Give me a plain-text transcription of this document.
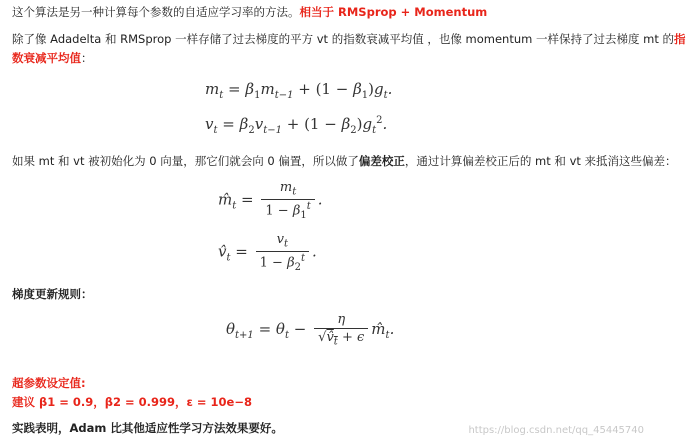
这个算法是另一种计算每个参数的自适应学习率的方法。相当于 RMSprop + Momentum
除了像 Adadelta 和 RMSprop 一样存储了过去梯度的平方 vt 的指数衰减平均值 ，也像 momentum 一样保持了过去梯度 mt 的指
数衰减平均值：
$m_t = \beta_1m_{t-1} + (1 - \beta_1)g_t$.
$v_t = \beta_2v_{t-1} + (1 - \beta_2)g_t^2$.
如果 mt 和 vt 被初始化为 0 向量，那它们就会向 0 偏置，所以做了偏差校正，通过计算偏差校正后的 mt 和 vt 来抵消这些偏差：
$m̂_t = \frac{m_t}{1 - \beta_1^t}$ .
$v̂_t = \frac{v_t}{1 - \beta_2^t}$ .
梯度更新规则：
$\theta_{t+1} = \theta_t - \frac{\eta}{√v̂_t + \epsilon}$ $m̂_t$.
超参数设定值:
建议 β1 = 0.9，β2 = 0.999，ε = 10e−8
实践表明，Adam 比其他适应性学习方法效果要好。	https://blog.csdn.net/qq_45445740
